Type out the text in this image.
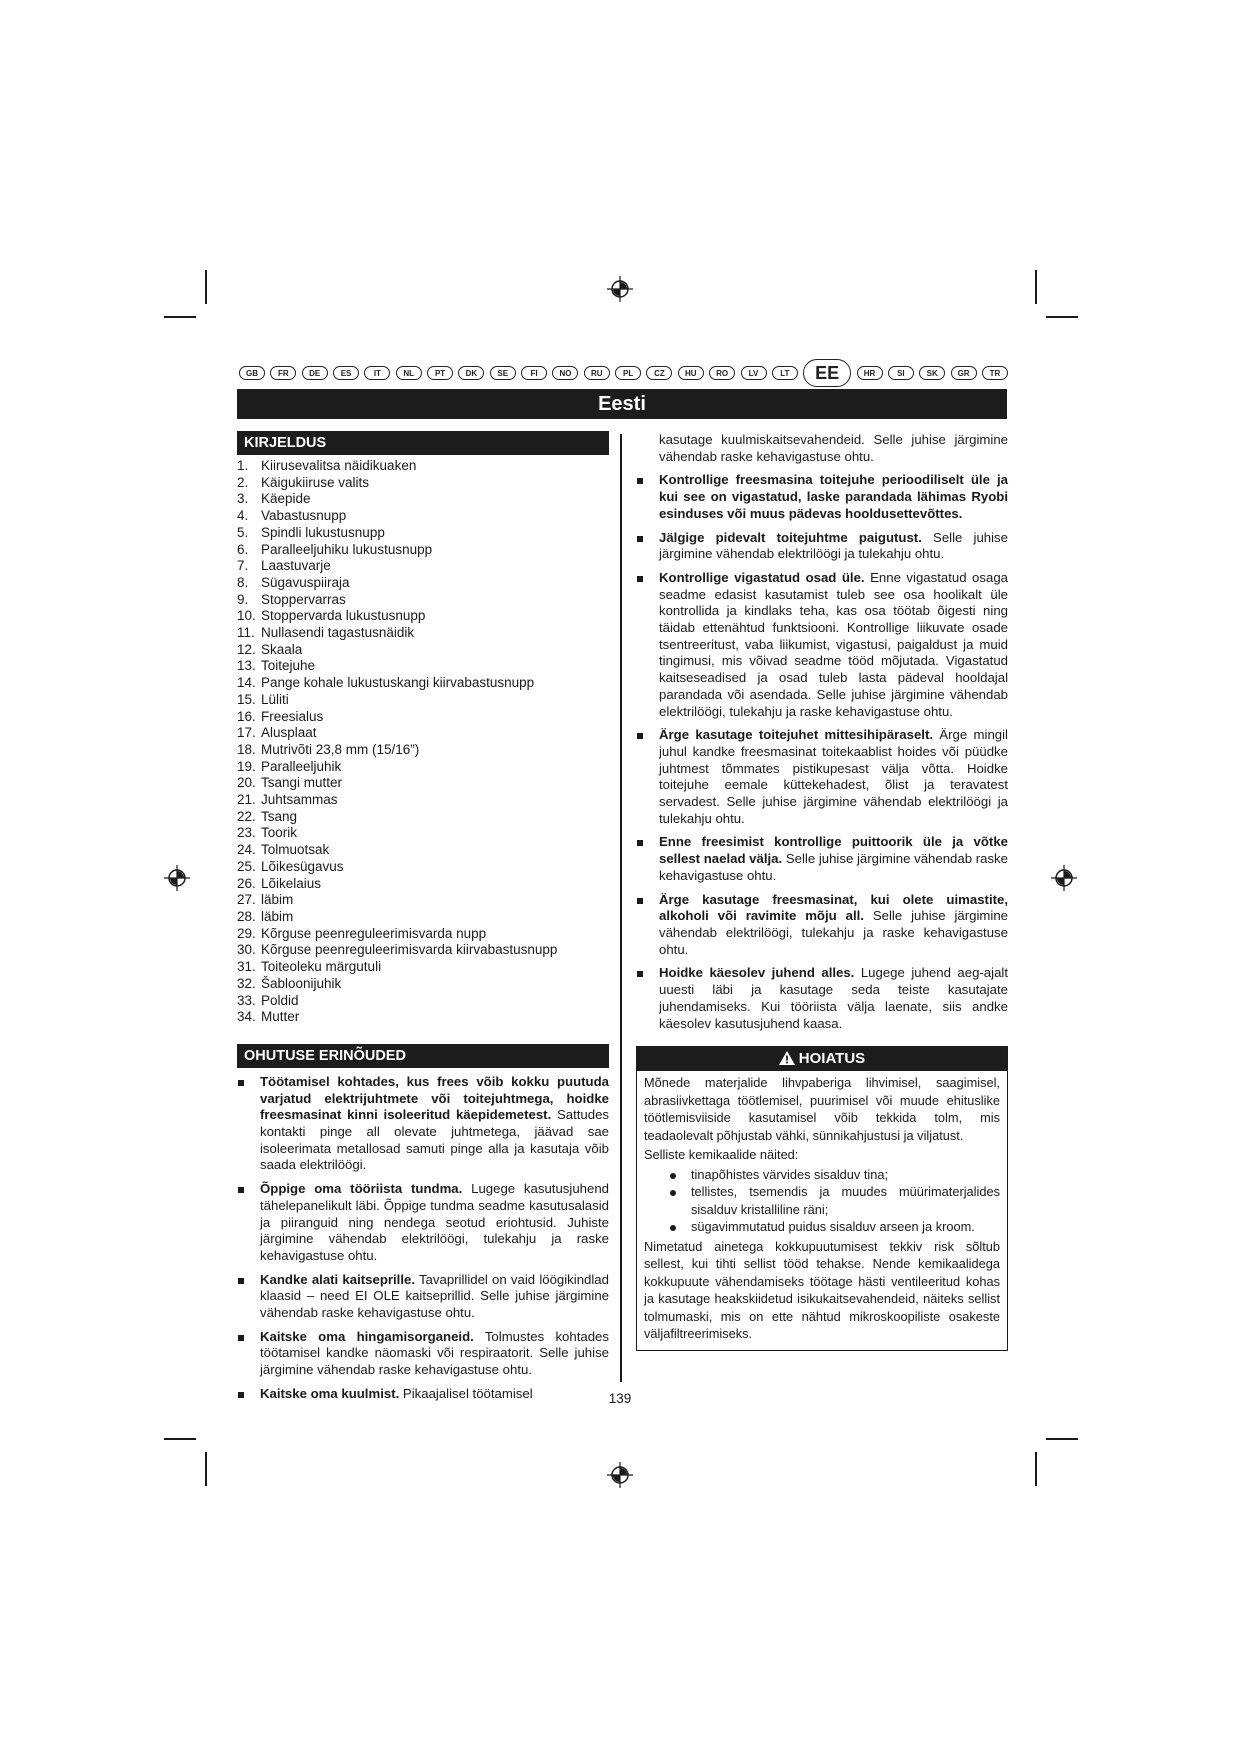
GB	FR	DE	ES	IT	NL	PT	DK	SE	FI	NO	RU	PL	CZ	HU	RO	LV	LT	EE	HR	SI	SK	GR	TR
Eesti
KIRJELDUS
1. Kiirusevalitsa näidikuaken
2. Käigukiiruse valits
3. Käepide
4. Vabastusnupp
5. Spindli lukustusnupp
6. Paralleeljuhiku lukustusnupp
7. Laastuvarje
8. Sügavuspiiraja
9. Stoppervarras
10. Stoppervarda lukustusnupp
11. Nullasendi tagastusnäidik
12. Skaala
13. Toitejuhe
14. Pange kohale lukustuskangi kiirvabastusnupp
15. Lüliti
16. Freesialus
17. Alusplaat
18. Mutrivõti 23,8 mm (15/16”)
19. Paralleeljuhik
20. Tsangi mutter
21. Juhtsammas
22. Tsang
23. Toorik
24. Tolmuotsak
25. Lõikesügavus
26. Lõikelaius
27. läbim
28. läbim
29. Kõrguse peenreguleerimisvarda nupp
30. Kõrguse peenreguleerimisvarda kiirvabastusnupp
31. Toiteoleku märgutuli
32. Šabloonijuhik
33. Poldid
34. Mutter
OHUTUSE ERINÕUDED
Töötamisel kohtades, kus frees võib kokku puutuda varjatud elektrijuhtmete või toitejuhtmega, hoidke freesmasinat kinni isoleeritud käepidemetest. Sattudes kontakti pinge all olevate juhtmetega, jäävad sae isoleerimata metallosad samuti pinge alla ja kasutaja võib saada elektrilöögi.
Õppige oma tööriista tundma. Lugege kasutusjuhend tähelepanelikult läbi. Õppige tundma seadme kasutusalasid ja piiranguid ning nendega seotud eriohtusid. Juhiste järgimine vähendab elektrilöögi, tulekahju ja raske kehavigastuse ohtu.
Kandke alati kaitseprille. Tavaprillidel on vaid löögikindlad klaasid – need EI OLE kaitseprillid. Selle juhise järgimine vähendab raske kehavigastuse ohtu.
Kaitske oma hingamisorganeid. Tolmustes kohtades töötamisel kandke näomaski või respiraatorit. Selle juhise järgimine vähendab raske kehavigastuse ohtu.
Kaitske oma kuulmist. Pikaajalisel töötamisel

kasutage kuulmiskaitsevahendeid. Selle juhise järgimine vähendab raske kehavigastuse ohtu.

Kontrollige freesmasina toitejuhe perioodiliselt üle ja kui see on vigastatud, laske parandada lähimas Ryobi esinduses või muus pädevas hooldusettevõttes.
Jälgige pidevalt toitejuhtme paigutust. Selle juhise järgimine vähendab elektrilöögi ja tulekahju ohtu.
Kontrollige vigastatud osad üle. Enne vigastatud osaga seadme edasist kasutamist tuleb see osa hoolikalt üle kontrollida ja kindlaks teha, kas osa töötab õigesti ning täidab ettenähtud funktsiooni. Kontrollige liikuvate osade tsentreeritust, vaba liikumist, vigastusi, paigaldust ja muid tingimusi, mis võivad seadme tööd mõjutada. Vigastatud kaitseseadised ja osad tuleb lasta pädeval hooldajal parandada või asendada. Selle juhise järgimine vähendab elektrilöögi, tulekahju ja raske kehavigastuse ohtu.
Ärge kasutage toitejuhet mittesihipäraselt. Ärge mingil juhul kandke freesmasinat toitekaablist hoides või püüdke juhtmest tõmmates pistikupesast välja võtta. Hoidke toitejuhe eemale küttekehadest, õlist ja teravatest servadest. Selle juhise järgimine vähendab elektrilöögi ja tulekahju ohtu.
Enne freesimist kontrollige puittoorik üle ja võtke sellest naelad välja. Selle juhise järgimine vähendab raske kehavigastuse ohtu.
Ärge kasutage freesmasinat, kui olete uimastite, alkoholi või ravimite mõju all. Selle juhise järgimine vähendab elektrilöögi, tulekahju ja raske kehavigastuse ohtu.
Hoidke käesolev juhend alles. Lugege juhend aeg-ajalt uuesti läbi ja kasutage seda teiste kasutajate juhendamiseks. Kui tööriista välja laenate, siis andke käesolev kasutusjuhend kaasa.
HOIATUS

Mõnede materjalide lihvpaberiga lihvimisel, saagimisel, abrasiivkettaga töötlemisel, puurimisel või muude ehituslike töötlemisviiside kasutamisel võib tekkida tolm, mis teadaolevalt põhjustab vähki, sünnikahjustusi ja viljatust.

Selliste kemikaalide näited:

tinapõhistes värvides sisalduv tina;
tellistes, tsemendis ja muudes müürimaterjalides sisalduv kristalliline räni;
sügavimmutatud puidus sisalduv arseen ja kroom.

Nimetatud ainetega kokkupuutumisest tekkiv risk sõltub sellest, kui tihti sellist tööd tehakse. Nende kemikaalidega kokkupuute vähendamiseks töötage hästi ventileeritud kohas ja kasutage heakskiidetud isikukaitsevahendeid, näiteks sellist tolmumaski, mis on ette nähtud mikroskoopiliste osakeste väljafiltreerimiseks.

139
